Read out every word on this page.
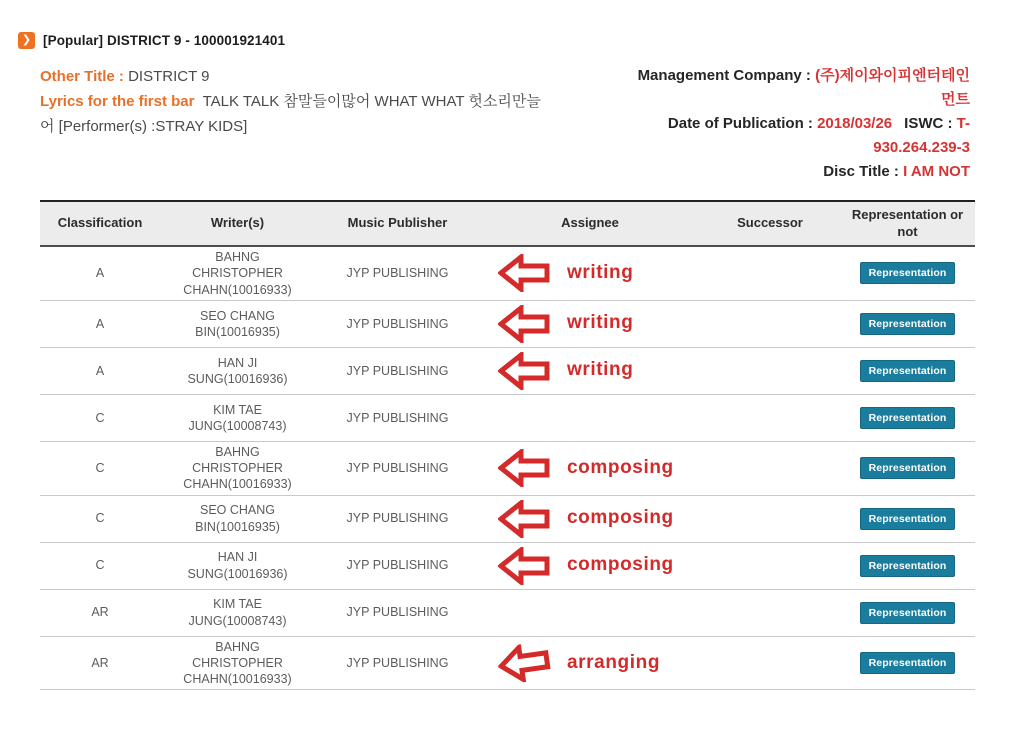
❯ [Popular] DISTRICT 9 - 100001921401

Other Title : DISTRICT 9

Lyrics for the first bar TALK TALK 참말들이많어 WHAT WHAT 헛소리만늘어 [Performer(s) :STRAY KIDS]

Management Company : (주)제이와이피엔터테인먼트

Date of Publication : 2018/03/26 ISWC : T-930.264.239-3

Disc Title : I AM NOT

Classification	Writer(s)	Music Publisher	Assignee	Successor	Representation or not
A	BAHNG CHRISTOPHER CHAHN(10016933)	JYP PUBLISHING	writing		Representation
A	SEO CHANG BIN(10016935)	JYP PUBLISHING	writing		Representation
A	HAN JI SUNG(10016936)	JYP PUBLISHING	writing		Representation
C	KIM TAE JUNG(10008743)	JYP PUBLISHING			Representation
C	BAHNG CHRISTOPHER CHAHN(10016933)	JYP PUBLISHING	composing		Representation
C	SEO CHANG BIN(10016935)	JYP PUBLISHING	composing		Representation
C	HAN JI SUNG(10016936)	JYP PUBLISHING	composing		Representation
AR	KIM TAE JUNG(10008743)	JYP PUBLISHING			Representation
AR	BAHNG CHRISTOPHER CHAHN(10016933)	JYP PUBLISHING	arranging		Representation
